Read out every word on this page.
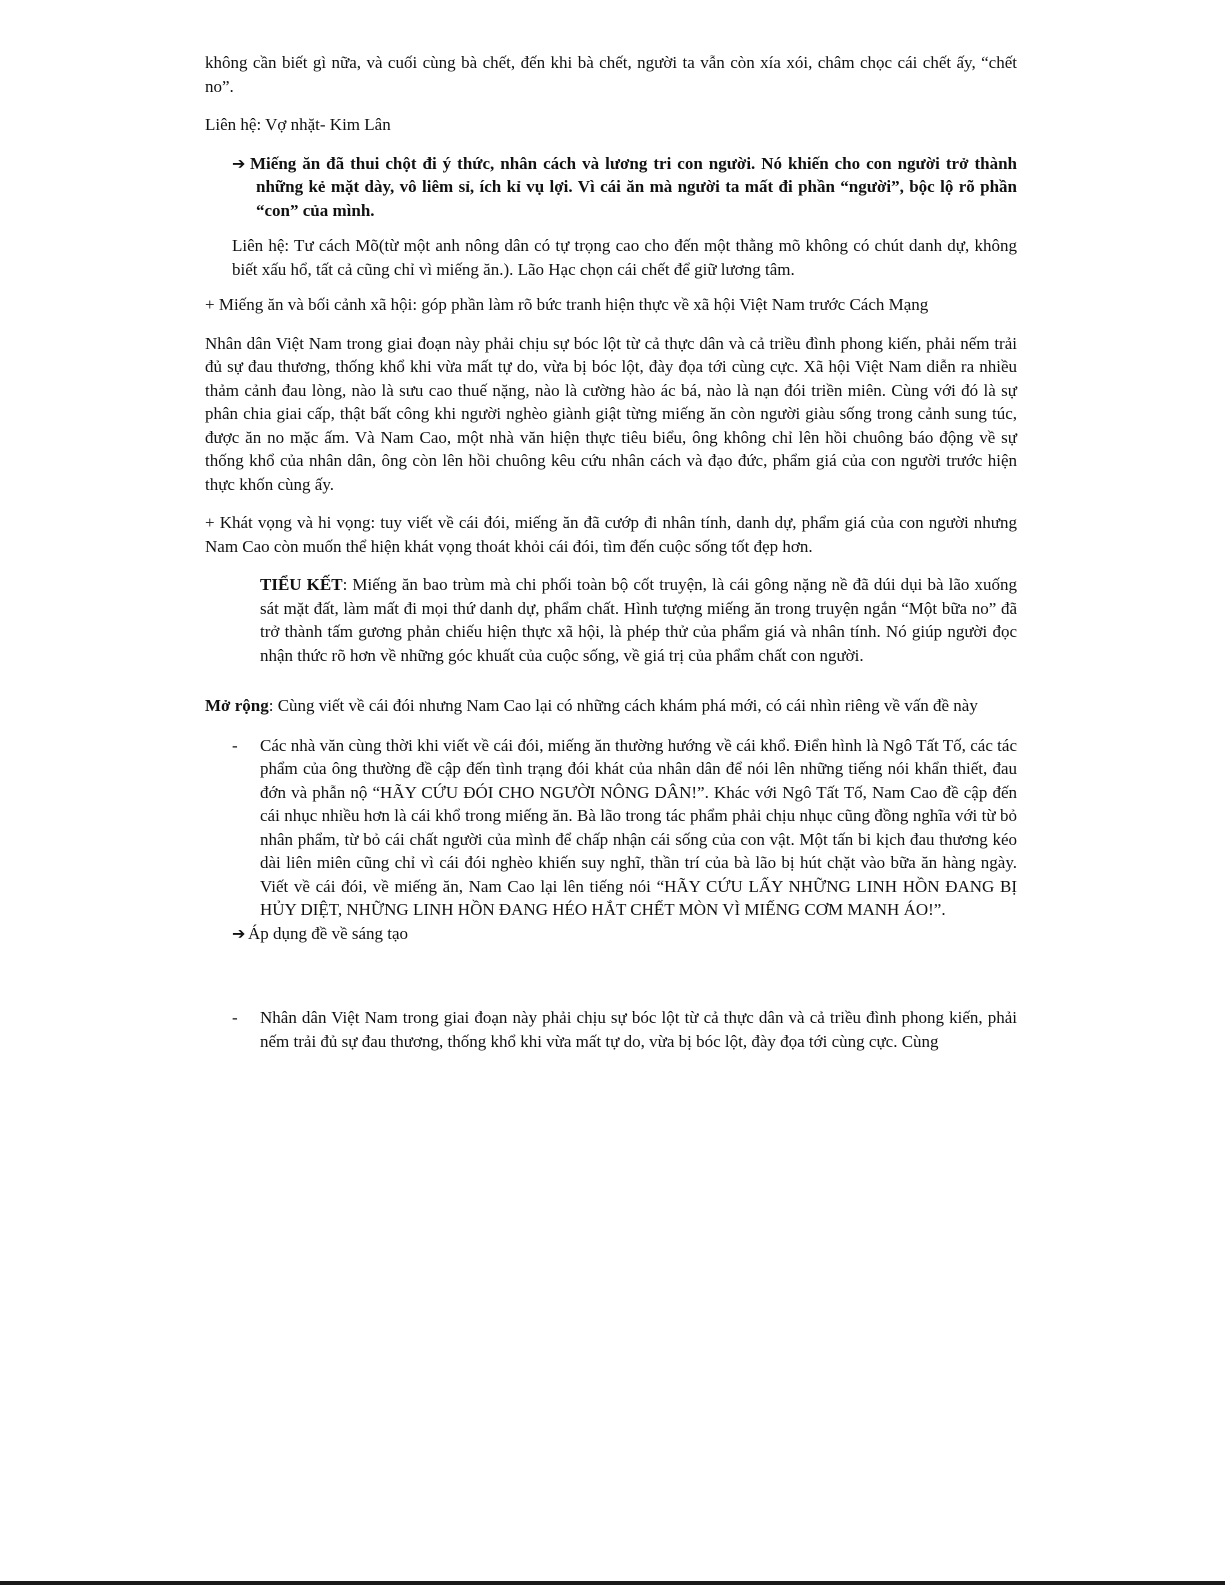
không cần biết gì nữa, và cuối cùng bà chết, đến khi bà chết, người ta vẫn còn xía xói, châm chọc cái chết ấy, “chết no”.

Liên hệ: Vợ nhặt- Kim Lân

➔ Miếng ăn đã thui chột đi ý thức, nhân cách và lương tri con người. Nó khiến cho con người trở thành những kẻ mặt dày, vô liêm sỉ, ích kỉ vụ lợi. Vì cái ăn mà người ta mất đi phần “người”, bộc lộ rõ phần “con” của mình.

Liên hệ: Tư cách Mõ(từ một anh nông dân có tự trọng cao cho đến một thằng mõ không có chút danh dự, không biết xấu hổ, tất cả cũng chỉ vì miếng ăn.). Lão Hạc chọn cái chết để giữ lương tâm.

+ Miếng ăn và bối cảnh xã hội: góp phần làm rõ bức tranh hiện thực về xã hội Việt Nam trước Cách Mạng

Nhân dân Việt Nam trong giai đoạn này phải chịu sự bóc lột từ cả thực dân và cả triều đình phong kiến, phải nếm trải đủ sự đau thương, thống khổ khi vừa mất tự do, vừa bị bóc lột, đày đọa tới cùng cực. Xã hội Việt Nam diễn ra nhiều thảm cảnh đau lòng, nào là sưu cao thuế nặng, nào là cường hào ác bá, nào là nạn đói triền miên. Cùng với đó là sự phân chia giai cấp, thật bất công khi người nghèo giành giật từng miếng ăn còn người giàu sống trong cảnh sung túc, được ăn no mặc ấm. Và Nam Cao, một nhà văn hiện thực tiêu biểu, ông không chỉ lên hồi chuông báo động về sự thống khổ của nhân dân, ông còn lên hồi chuông kêu cứu nhân cách và đạo đức, phẩm giá của con người trước hiện thực khốn cùng ấy.

+ Khát vọng và hi vọng: tuy viết về cái đói, miếng ăn đã cướp đi nhân tính, danh dự, phẩm giá của con người nhưng Nam Cao còn muốn thể hiện khát vọng thoát khỏi cái đói, tìm đến cuộc sống tốt đẹp hơn.

TIỂU KẾT: Miếng ăn bao trùm mà chi phối toàn bộ cốt truyện, là cái gông nặng nề đã dúi dụi bà lão xuống sát mặt đất, làm mất đi mọi thứ danh dự, phẩm chất. Hình tượng miếng ăn trong truyện ngắn “Một bữa no” đã trở thành tấm gương phản chiếu hiện thực xã hội, là phép thử của phẩm giá và nhân tính. Nó giúp người đọc nhận thức rõ hơn về những góc khuất của cuộc sống, về giá trị của phẩm chất con người.

Mở rộng: Cùng viết về cái đói nhưng Nam Cao lại có những cách khám phá mới, có cái nhìn riêng về vấn đề này

- Các nhà văn cùng thời khi viết về cái đói, miếng ăn thường hướng về cái khổ. Điển hình là Ngô Tất Tố, các tác phẩm của ông thường đề cập đến tình trạng đói khát của nhân dân để nói lên những tiếng nói khẩn thiết, đau đớn và phẫn nộ “HÃY CỨU ĐÓI CHO NGƯỜI NÔNG DÂN!”. Khác với Ngô Tất Tố, Nam Cao đề cập đến cái nhục nhiều hơn là cái khổ trong miếng ăn. Bà lão trong tác phẩm phải chịu nhục cũng đồng nghĩa với từ bỏ nhân phẩm, từ bỏ cái chất người của mình để chấp nhận cái sống của con vật. Một tấn bi kịch đau thương kéo dài liên miên cũng chỉ vì cái đói nghèo khiến suy nghĩ, thần trí của bà lão bị hút chặt vào bữa ăn hàng ngày. Viết về cái đói, về miếng ăn, Nam Cao lại lên tiếng nói “HÃY CỨU LẤY NHỮNG LINH HỒN ĐANG BỊ HỦY DIỆT, NHỮNG LINH HỒN ĐANG HÉO HẮT CHẾT MÒN VÌ MIẾNG CƠM MANH ÁO!”.

➔ Áp dụng đề về sáng tạo

- Nhân dân Việt Nam trong giai đoạn này phải chịu sự bóc lột từ cả thực dân và cả triều đình phong kiến, phải nếm trải đủ sự đau thương, thống khổ khi vừa mất tự do, vừa bị bóc lột, đày đọa tới cùng cực. Cùng
